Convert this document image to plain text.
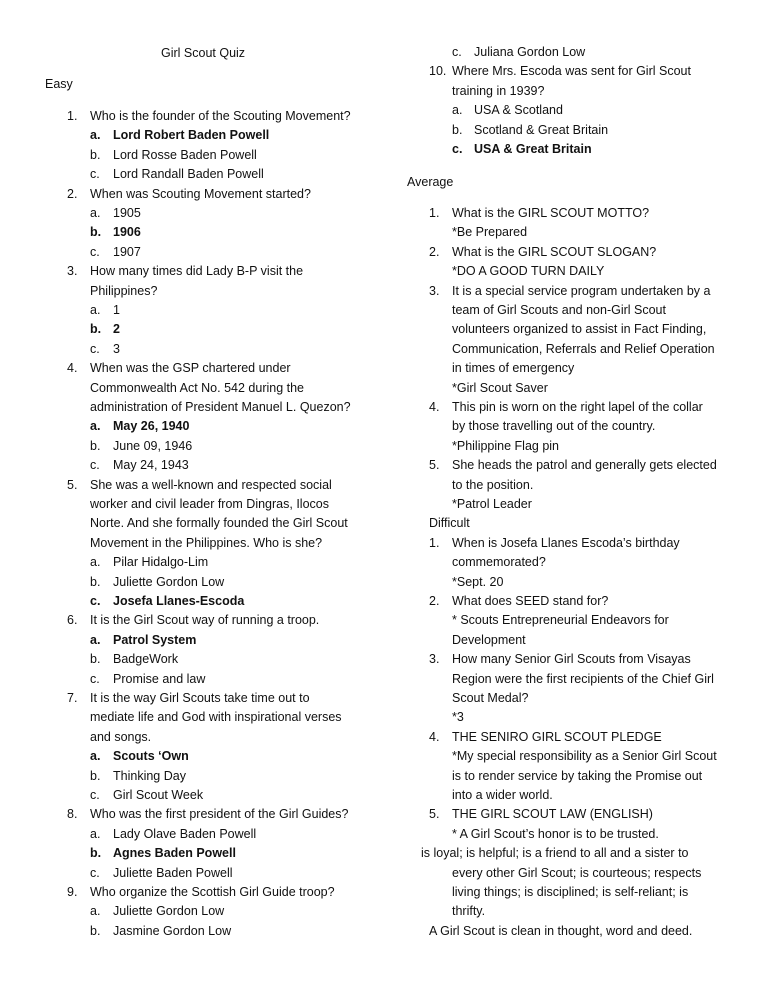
Girl Scout Quiz
Easy
1. Who is the founder of the Scouting Movement?
a. Lord Robert Baden Powell
b. Lord Rosse Baden Powell
c. Lord Randall Baden Powell
2. When was Scouting Movement started?
a. 1905
b. 1906
c. 1907
3. How many times did Lady B-P visit the
Philippines?
a. 1
b. 2
c. 3
4. When was the GSP chartered under
Commonwealth Act No. 542 during the
administration of President Manuel L. Quezon?
a. May 26, 1940
b. June 09, 1946
c. May 24, 1943
5. She was a well-known and respected social
worker and civil leader from Dingras, Ilocos
Norte. And she formally founded the Girl Scout
Movement in the Philippines. Who is she?
a. Pilar Hidalgo-Lim
b. Juliette Gordon Low
c. Josefa Llanes-Escoda
6. It is the Girl Scout way of running a troop.
a. Patrol System
b. BadgeWork
c. Promise and law
7. It is the way Girl Scouts take time out to
mediate life and God with inspirational verses
and songs.
a. Scouts ‘Own
b. Thinking Day
c. Girl Scout Week
8. Who was the first president of the Girl Guides?
a. Lady Olave Baden Powell
b. Agnes Baden Powell
c. Juliette Baden Powell
9. Who organize the Scottish Girl Guide troop?
a. Juliette Gordon Low
b. Jasmine Gordon Low
c. Juliana Gordon Low
10. Where Mrs. Escoda was sent for Girl Scout
training in 1939?
a. USA & Scotland
b. Scotland & Great Britain
c. USA & Great Britain
Average
1. What is the GIRL SCOUT MOTTO?
*Be Prepared
2. What is the GIRL SCOUT SLOGAN?
*DO A GOOD TURN DAILY
3. It is a special service program undertaken by a
team of Girl Scouts and non-Girl Scout
volunteers organized to assist in Fact Finding,
Communication, Referrals and Relief Operation
in times of emergency
*Girl Scout Saver
4. This pin is worn on the right lapel of the collar
by those travelling out of the country.
*Philippine Flag pin
5. She heads the patrol and generally gets elected
to the position.
*Patrol Leader
Difficult
1. When is Josefa Llanes Escoda’s birthday
commemorated?
*Sept. 20
2. What does SEED stand for?
* Scouts Entrepreneurial Endeavors for
Development
3. How many Senior Girl Scouts from Visayas
Region were the first recipients of the Chief Girl
Scout Medal?
*3
4. THE SENIRO GIRL SCOUT PLEDGE
*My special responsibility as a Senior Girl Scout
is to render service by taking the Promise out
into a wider world.
5. THE GIRL SCOUT LAW (ENGLISH)
* A Girl Scout’s honor is to be trusted.
is loyal; is helpful; is a friend to all and a sister to
every other Girl Scout; is courteous; respects
living things; is disciplined; is self-reliant; is
thrifty.
A Girl Scout is clean in thought, word and deed.
